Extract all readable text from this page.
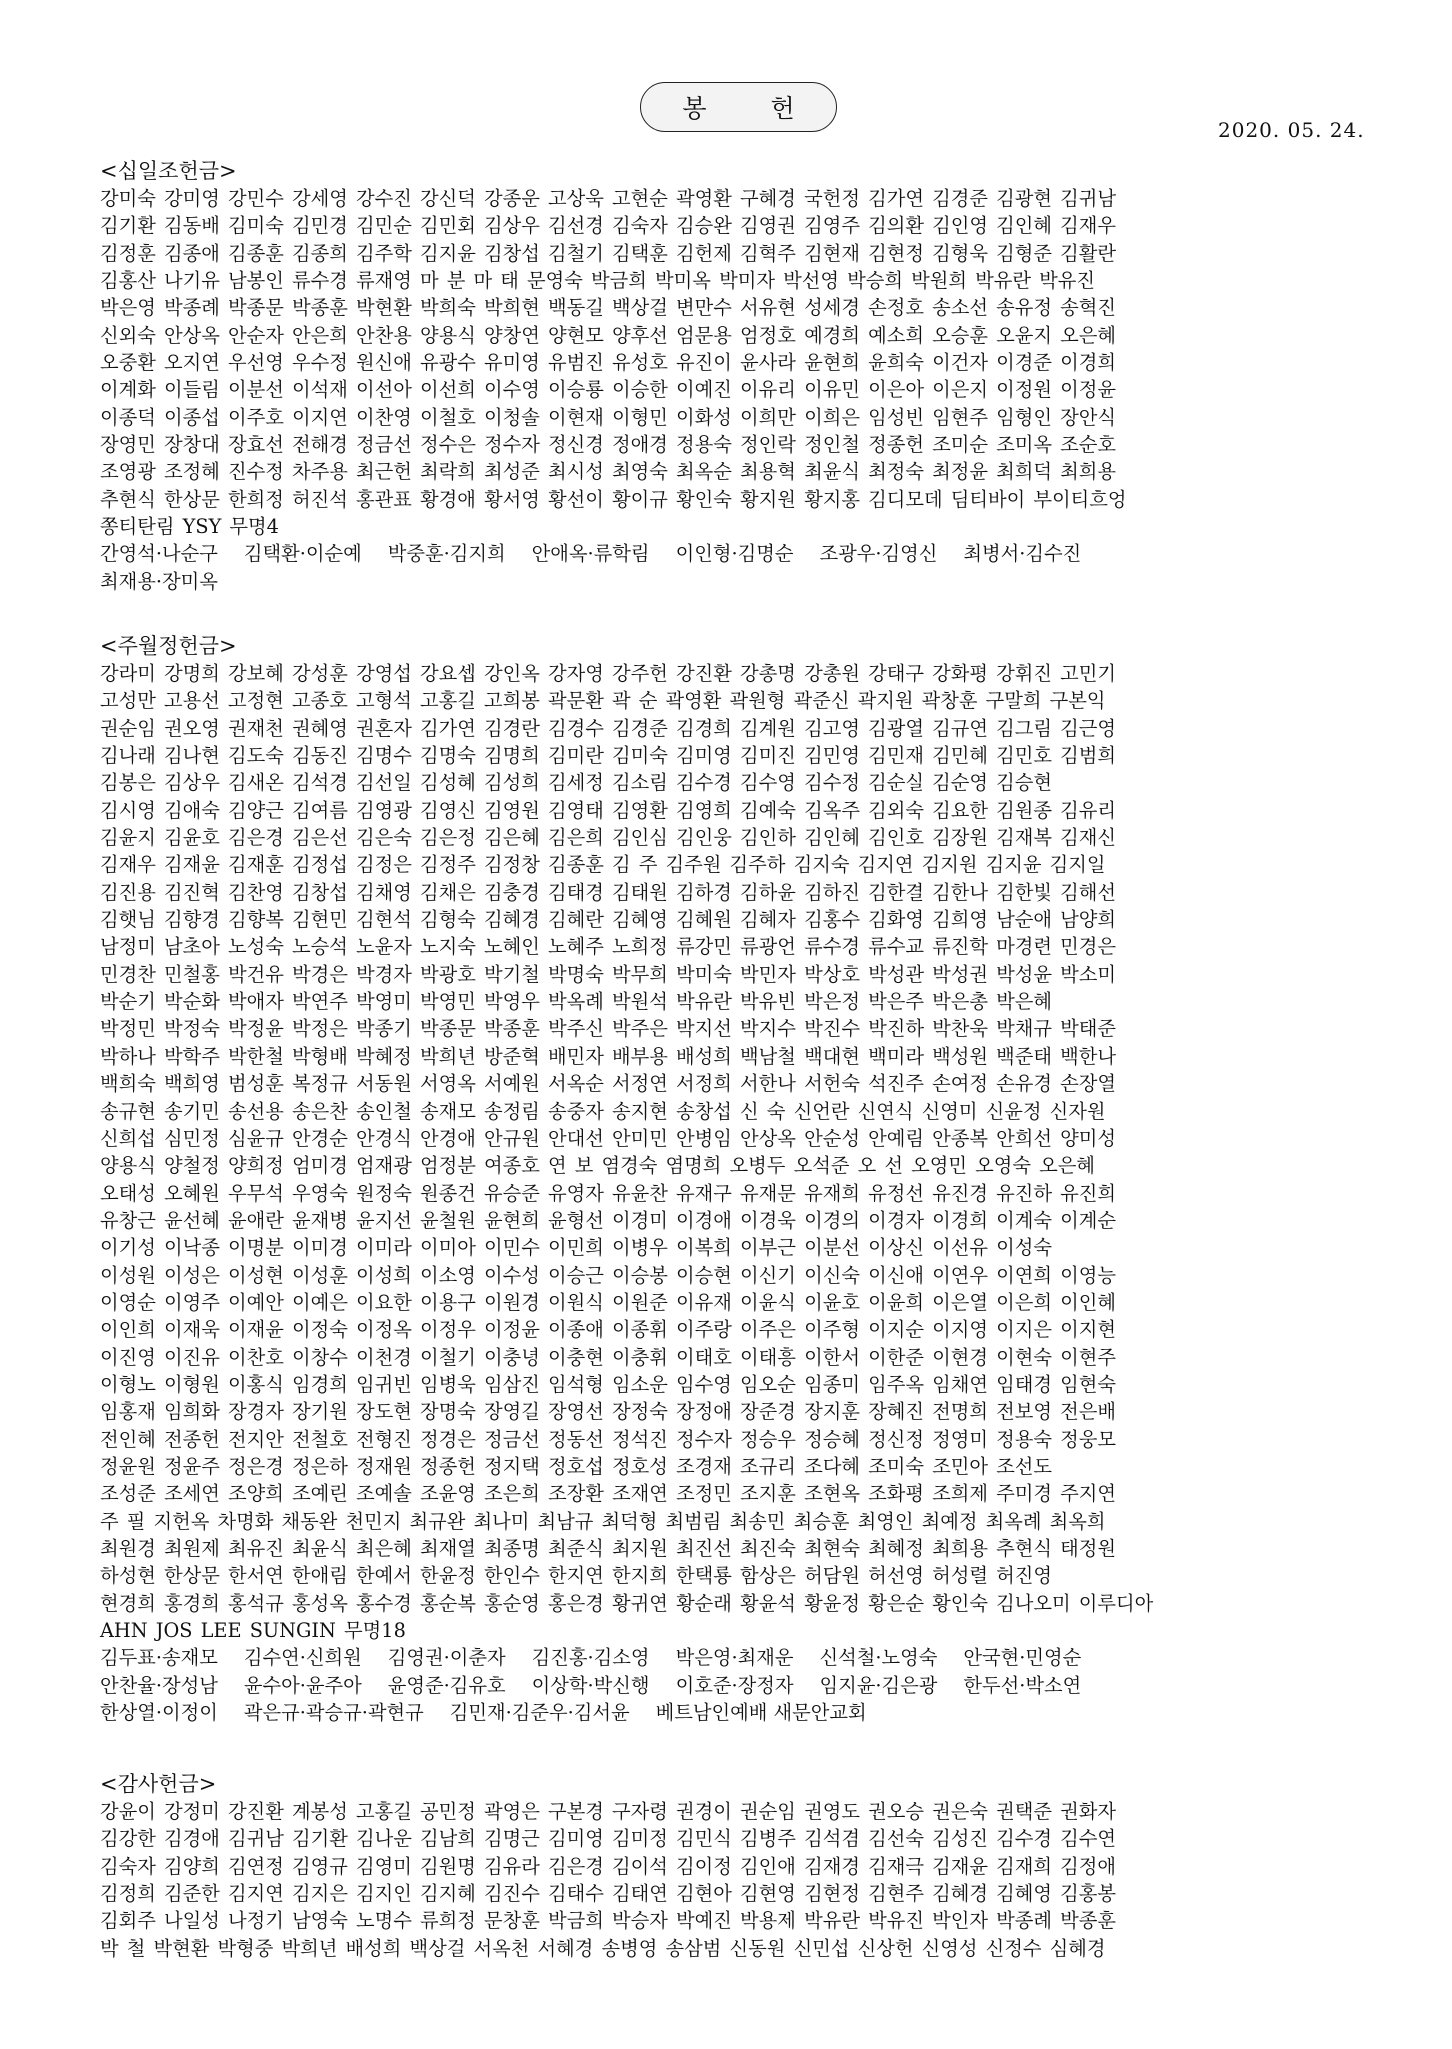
봉 헌
2020. 05. 24.
<십일조헌금>
강미숙 강미영 강민수 강세영 강수진 강신덕 강종운 고상욱 고현순 곽영환 구혜경 국헌정 김가연 김경준 김광현 김귀남
김기환 김동배 김미숙 김민경 김민순 김민회 김상우 김선경 김숙자 김승완 김영권 김영주 김의환 김인영 김인혜 김재우
김정훈 김종애 김종훈 김종희 김주학 김지윤 김창섭 김철기 김택훈 김헌제 김혁주 김현재 김현정 김형욱 김형준 김활란
김홍산 나기유 남봉인 류수경 류재영 마 분 마 태 문영숙 박금희 박미옥 박미자 박선영 박승희 박원희 박유란 박유진
박은영 박종례 박종문 박종훈 박현환 박희숙 박희현 백동길 백상걸 변만수 서유현 성세경 손정호 송소선 송유정 송혁진
신외숙 안상옥 안순자 안은희 안찬용 양용식 양창연 양현모 양후선 엄문용 엄정호 예경희 예소희 오승훈 오윤지 오은혜
오중환 오지연 우선영 우수정 원신애 유광수 유미영 유범진 유성호 유진이 윤사라 윤현희 윤희숙 이건자 이경준 이경희
이계화 이들림 이분선 이석재 이선아 이선희 이수영 이승룡 이승한 이예진 이유리 이유민 이은아 이은지 이정원 이정윤
이종덕 이종섭 이주호 이지연 이찬영 이철호 이청솔 이현재 이형민 이화성 이희만 이희은 임성빈 임현주 임형인 장안식
장영민 장창대 장효선 전해경 정금선 정수은 정수자 정신경 정애경 정용숙 정인락 정인철 정종헌 조미순 조미옥 조순호
조영광 조정혜 진수정 차주용 최근헌 최락희 최성준 최시성 최영숙 최옥순 최용혁 최윤식 최정숙 최정윤 최희덕 최희용
추현식 한상문 한희정 허진석 홍관표 황경애 황서영 황선이 황이규 황인숙 황지원 황지홍 김디모데 딤티바이 부이티흐엉
쫑티탄림 YSY 무명4
간영석·나순구 김택환·이순예 박중훈·김지희 안애옥·류학림 이인형·김명순 조광우·김영신 최병서·김수진
최재용·장미옥
<주월정헌금>
강라미 강명희 강보혜 강성훈 강영섭 강요셉 강인옥 강자영 강주헌 강진환 강총명 강총원 강태구 강화평 강휘진 고민기
고성만 고용선 고정현 고종호 고형석 고홍길 고희봉 곽문환 곽 순 곽영환 곽원형 곽준신 곽지원 곽창훈 구말희 구본익
권순임 권오영 권재천 권혜영 권혼자 김가연 김경란 김경수 김경준 김경희 김계원 김고영 김광열 김규연 김그림 김근영
김나래 김나현 김도숙 김동진 김명수 김명숙 김명희 김미란 김미숙 김미영 김미진 김민영 김민재 김민혜 김민호 김범희
김봉은 김상우 김새온 김석경 김선일 김성혜 김성희 김세정 김소림 김수경 김수영 김수정 김순실 김순영 김승현
김시영 김애숙 김양근 김여름 김영광 김영신 김영원 김영태 김영환 김영희 김예숙 김옥주 김외숙 김요한 김원종 김유리
김윤지 김윤호 김은경 김은선 김은숙 김은정 김은혜 김은희 김인심 김인웅 김인하 김인혜 김인호 김장원 김재복 김재신
김재우 김재윤 김재훈 김정섭 김정은 김정주 김정창 김종훈 김 주 김주원 김주하 김지숙 김지연 김지원 김지윤 김지일
김진용 김진혁 김찬영 김창섭 김채영 김채은 김충경 김태경 김태원 김하경 김하윤 김하진 김한결 김한나 김한빛 김해선
김햇님 김향경 김향복 김현민 김현석 김형숙 김혜경 김혜란 김혜영 김혜원 김혜자 김홍수 김화영 김희영 남순애 남양희
남정미 남초아 노성숙 노승석 노윤자 노지숙 노혜인 노혜주 노희정 류강민 류광언 류수경 류수교 류진학 마경련 민경은
민경찬 민철홍 박건유 박경은 박경자 박광호 박기철 박명숙 박무희 박미숙 박민자 박상호 박성관 박성권 박성윤 박소미
박순기 박순화 박애자 박연주 박영미 박영민 박영우 박옥례 박원석 박유란 박유빈 박은정 박은주 박은총 박은혜
박정민 박정숙 박정윤 박정은 박종기 박종문 박종훈 박주신 박주은 박지선 박지수 박진수 박진하 박찬욱 박채규 박태준
박하나 박학주 박한철 박형배 박혜정 박희년 방준혁 배민자 배부용 배성희 백남철 백대현 백미라 백성원 백준태 백한나
백희숙 백희영 범성훈 복정규 서동원 서영옥 서예원 서옥순 서정연 서정희 서한나 서헌숙 석진주 손여정 손유경 손장열
송규현 송기민 송선용 송은찬 송인철 송재모 송정림 송중자 송지현 송창섭 신 숙 신언란 신연식 신영미 신윤정 신자원
신희섭 심민정 심윤규 안경순 안경식 안경애 안규원 안대선 안미민 안병임 안상옥 안순성 안예림 안종복 안희선 양미성
양용식 양철정 양희정 엄미경 엄재광 엄정분 여종호 연 보 염경숙 염명희 오병두 오석준 오 선 오영민 오영숙 오은혜
오태성 오혜원 우무석 우영숙 원정숙 원종건 유승준 유영자 유윤찬 유재구 유재문 유재희 유정선 유진경 유진하 유진희
유창근 윤선혜 윤애란 윤재병 윤지선 윤철원 윤현희 윤형선 이경미 이경애 이경욱 이경의 이경자 이경희 이계숙 이계순
이기성 이낙종 이명분 이미경 이미라 이미아 이민수 이민희 이병우 이복희 이부근 이분선 이상신 이선유 이성숙
이성원 이성은 이성현 이성훈 이성희 이소영 이수성 이승근 이승봉 이승현 이신기 이신숙 이신애 이연우 이연희 이영능
이영순 이영주 이예안 이예은 이요한 이용구 이원경 이원식 이원준 이유재 이윤식 이윤호 이윤희 이은열 이은희 이인혜
이인희 이재욱 이재윤 이정숙 이정옥 이정우 이정윤 이종애 이종휘 이주랑 이주은 이주형 이지순 이지영 이지은 이지현
이진영 이진유 이찬호 이창수 이천경 이철기 이충녕 이충현 이충휘 이태호 이태흥 이한서 이한준 이현경 이현숙 이현주
이형노 이형원 이홍식 임경희 임귀빈 임병욱 임삼진 임석형 임소운 임수영 임오순 임종미 임주옥 임채연 임태경 임현숙
임홍재 임희화 장경자 장기원 장도현 장명숙 장영길 장영선 장정숙 장정애 장준경 장지훈 장혜진 전명희 전보영 전은배
전인혜 전종헌 전지안 전철호 전형진 정경은 정금선 정동선 정석진 정수자 정승우 정승혜 정신정 정영미 정용숙 정웅모
정윤원 정윤주 정은경 정은하 정재원 정종헌 정지택 정호섭 정호성 조경재 조규리 조다혜 조미숙 조민아 조선도
조성준 조세연 조양희 조예린 조예솔 조윤영 조은희 조장환 조재연 조정민 조지훈 조현옥 조화평 조희제 주미경 주지연
주 필 지헌옥 차명화 채동완 천민지 최규완 최나미 최남규 최덕형 최범림 최송민 최승훈 최영인 최예정 최옥례 최옥희
최원경 최원제 최유진 최윤식 최은혜 최재열 최종명 최준식 최지원 최진선 최진숙 최현숙 최혜정 최희용 추현식 태정원
하성현 한상문 한서연 한애림 한예서 한윤정 한인수 한지연 한지희 한택룡 함상은 허담원 허선영 허성렬 허진영
현경희 홍경희 홍석규 홍성옥 홍수경 홍순복 홍순영 홍은경 황귀연 황순래 황윤석 황윤정 황은순 황인숙 김나오미 이루디아
AHN JOS LEE SUNGIN 무명18
김두표·송재모 김수연·신희원 김영권·이춘자 김진홍·김소영 박은영·최재운 신석철·노영숙 안국현·민영순
안찬율·장성남 윤수아·윤주아 윤영준·김유호 이상학·박신행 이호준·장정자 임지윤·김은광 한두선·박소연
한상열·이정이 곽은규·곽승규·곽현규 김민재·김준우·김서윤 베트남인예배 새문안교회
<감사헌금>
강윤이 강정미 강진환 계봉성 고홍길 공민정 곽영은 구본경 구자령 권경이 권순임 권영도 권오승 권은숙 권택준 권화자
김강한 김경애 김귀남 김기환 김나운 김남희 김명근 김미영 김미정 김민식 김병주 김석겸 김선숙 김성진 김수경 김수연
김숙자 김양희 김연정 김영규 김영미 김원명 김유라 김은경 김이석 김이정 김인애 김재경 김재극 김재윤 김재희 김정애
김정희 김준한 김지연 김지은 김지인 김지혜 김진수 김태수 김태연 김현아 김현영 김현정 김현주 김혜경 김혜영 김홍봉
김회주 나일성 나정기 남영숙 노명수 류희정 문창훈 박금희 박승자 박예진 박용제 박유란 박유진 박인자 박종례 박종훈
박 철 박현환 박형중 박희년 배성희 백상걸 서옥천 서혜경 송병영 송삼범 신동원 신민섭 신상헌 신영성 신정수 심혜경
